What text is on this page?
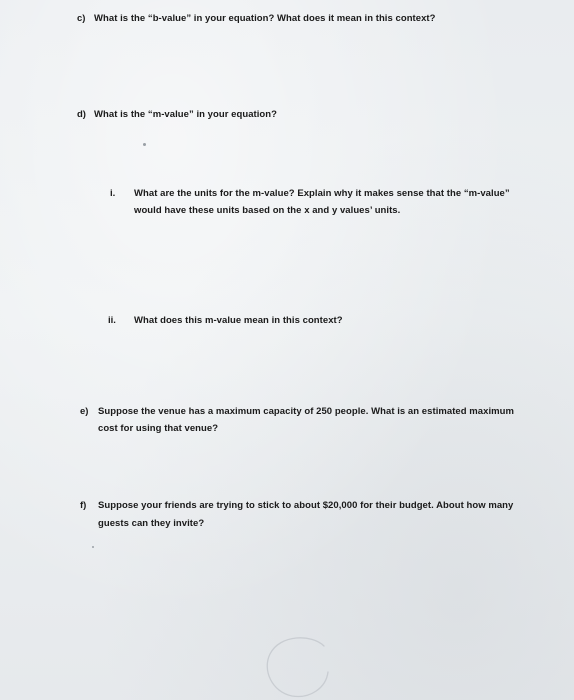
c) What is the “b-value” in your equation? What does it mean in this context?
d) What is the “m-value” in your equation?
i. What are the units for the m-value? Explain why it makes sense that the “m-value”
would have these units based on the x and y values’ units.
ii. What does this m-value mean in this context?
e) Suppose the venue has a maximum capacity of 250 people. What is an estimated maximum
cost for using that venue?
f) Suppose your friends are trying to stick to about $20,000 for their budget. About how many
guests can they invite?
